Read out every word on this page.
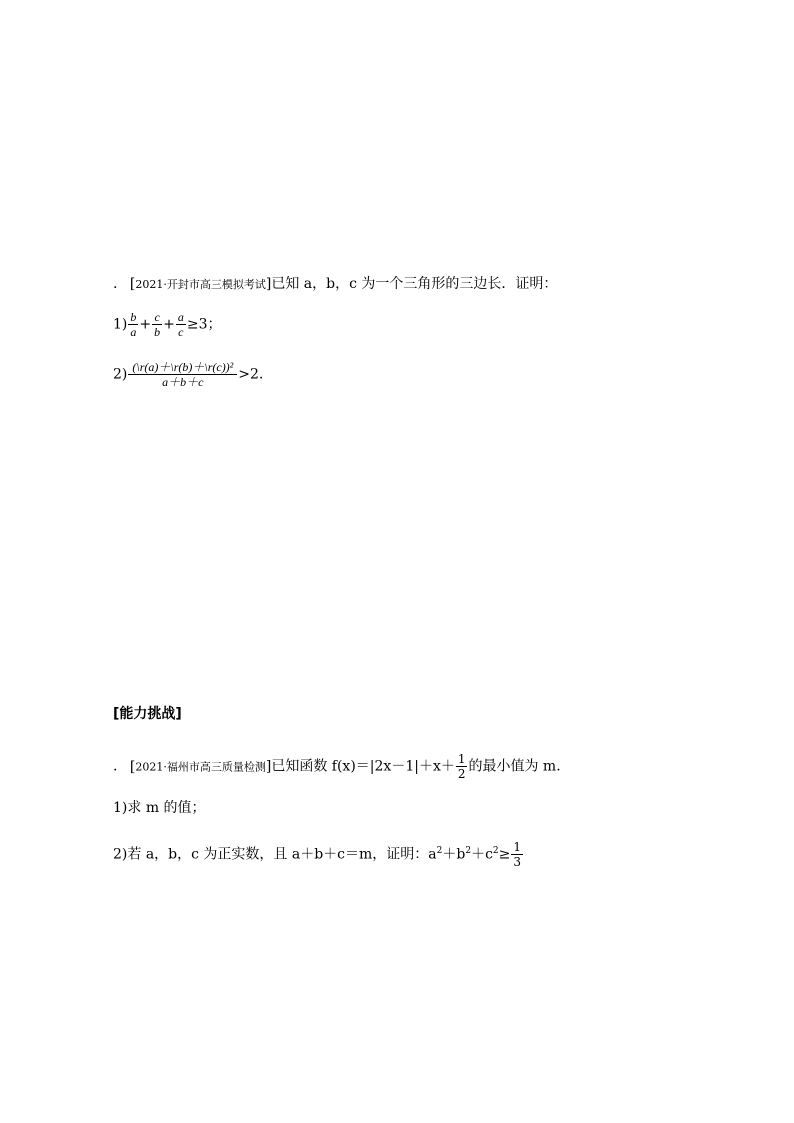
. [2021·开封市高三模拟考试]已知 a，b，c 为一个三角形的三边长．证明：
$1) \frac{b}{a} + \frac{c}{b} + \frac{a}{c} \ge 3$；
$2) \frac{\text{(\textbackslash{}r(a)＋\textbackslash{}r(b)＋\textbackslash{}r(c))²}}{a+b+c} >2$.
[能力挑战]
. [2021·福州市高三质量检测]已知函数 $f(x)=|2x-1|+x+ \frac{1}{2}$ 的最小值为 m.
1)求 m 的值；
2)若 a，b，c 为正实数，且 a＋b＋c＝m，证明：$a^2+b^2+c^2\ge \frac{1}{3}$
